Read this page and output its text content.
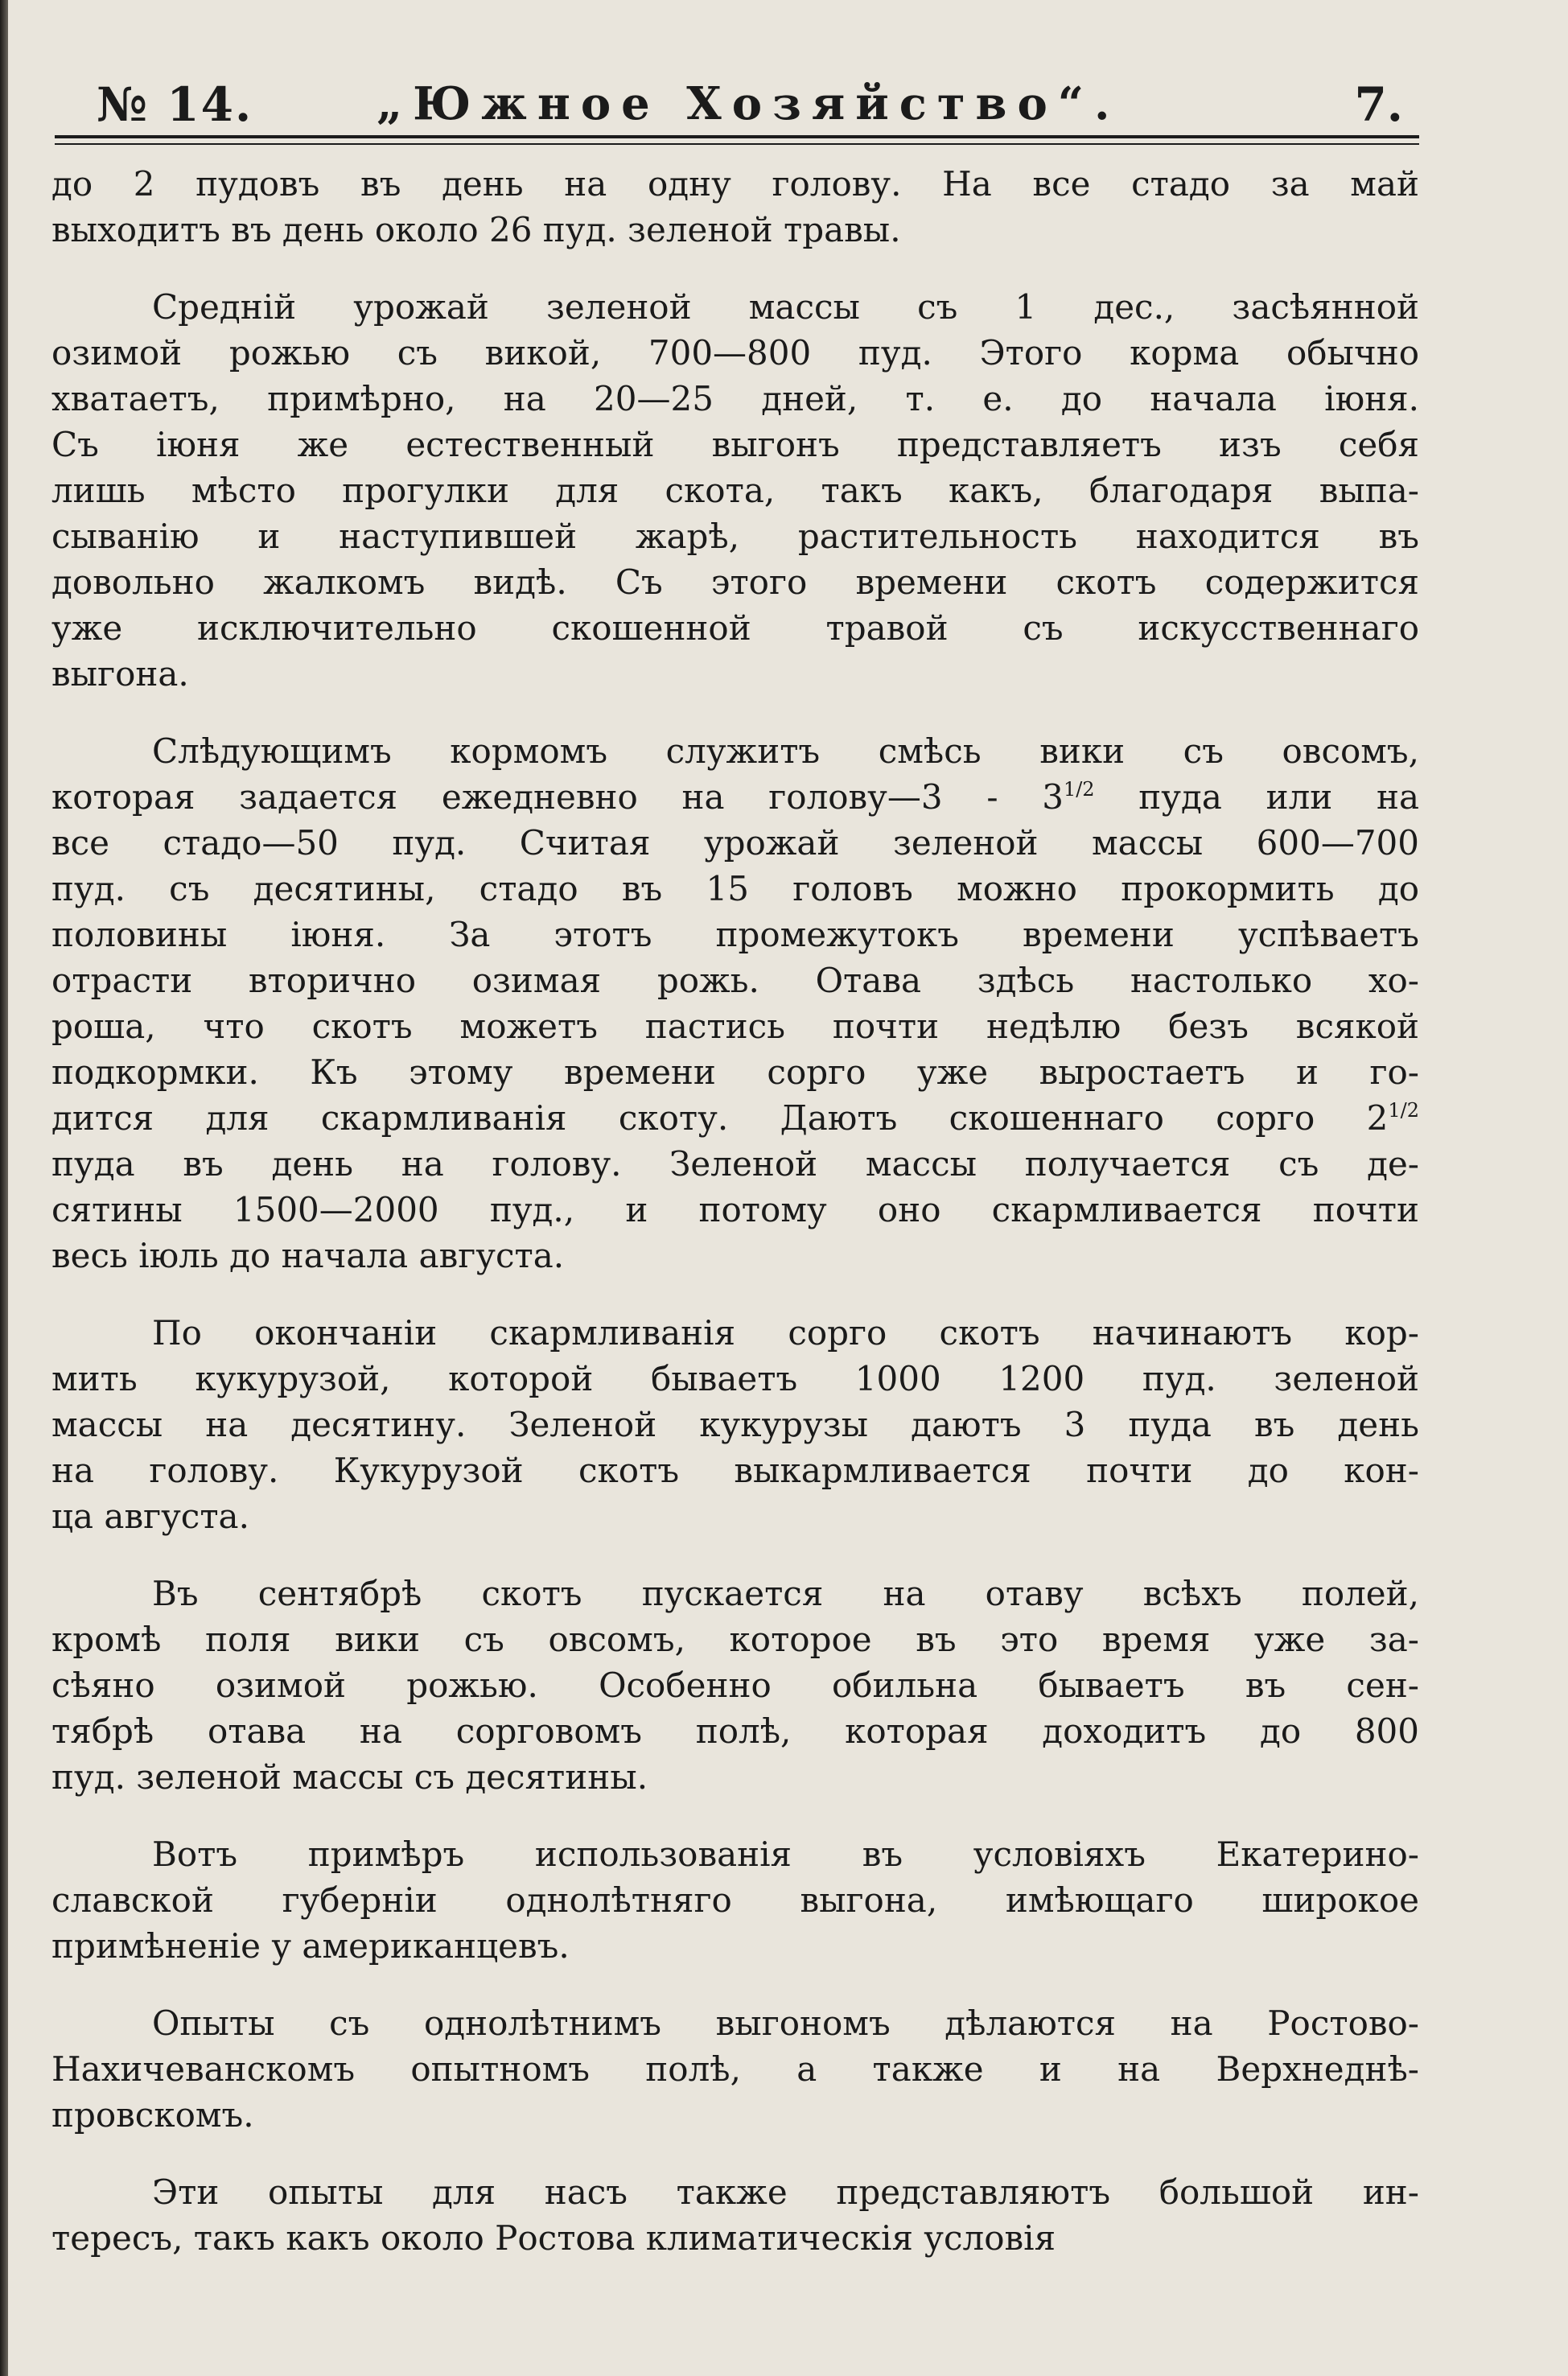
№ 14.	„Южное Хозяйство“.	7.
до 2 пудовъ въ день на одну голову. На все стадо за май
выходитъ въ день около 26 пуд. зеленой травы.
Среднiй урожай зеленой массы съ 1 дес., засѣянной
озимой рожью съ викой, 700—800 пуд. Этого корма обычно
хватаетъ, примѣрно, на 20—25 дней, т. е. до начала iюня.
Съ iюня же естественный выгонъ представляетъ изъ себя
лишь мѣсто прогулки для скота, такъ какъ, благодаря выпа-
сыванiю и наступившей жарѣ, растительность находится въ
довольно жалкомъ видѣ. Съ этого времени скотъ содержится
уже исключительно скошенной травой съ искусственнаго
выгона.
Слѣдующимъ кормомъ служитъ смѣсь вики съ овсомъ,
которая задается ежедневно на голову—3 - $3^{1/2}$ пуда или на
все стадо—50 пуд. Считая урожай зеленой массы 600—700
пуд. съ десятины, стадо въ 15 головъ можно прокормить до
половины iюня. За этотъ промежутокъ времени успѣваетъ
отрасти вторично озимая рожь. Отава здѣсь настолько хо-
роша, что скотъ можетъ пастись почти недѣлю безъ всякой
подкормки. Къ этому времени сорго уже выростаетъ и го-
дится для скармливанiя скоту. Даютъ скошеннаго сорго $2^{1/2}$
пуда въ день на голову. Зеленой массы получается съ де-
сятины 1500—2000 пуд., и потому оно скармливается почти
весь iюль до начала августа.
По окончанiи скармливанiя сорго скотъ начинаютъ кор-
мить кукурузой, которой бываетъ 1000 1200 пуд. зеленой
массы на десятину. Зеленой кукурузы даютъ 3 пуда въ день
на голову. Кукурузой скотъ выкармливается почти до кон-
ца августа.
Въ сентябрѣ скотъ пускается на отаву всѣхъ полей,
кромѣ поля вики съ овсомъ, которое въ это время уже за-
сѣяно озимой рожью. Особенно обильна бываетъ въ сен-
тябрѣ отава на сорговомъ полѣ, которая доходитъ до 800
пуд. зеленой массы съ десятины.
Вотъ примѣръ использованiя въ условiяхъ Екатерино-
славской губернiи однолѣтняго выгона, имѣющаго широкое
примѣненiе у американцевъ.
Опыты съ однолѣтнимъ выгономъ дѣлаются на Ростово-
Нахичеванскомъ опытномъ полѣ, а также и на Верхнеднѣ-
провскомъ.
Эти опыты для насъ также представляютъ большой ин-
тересъ, такъ какъ около Ростова климатическiя условiя
